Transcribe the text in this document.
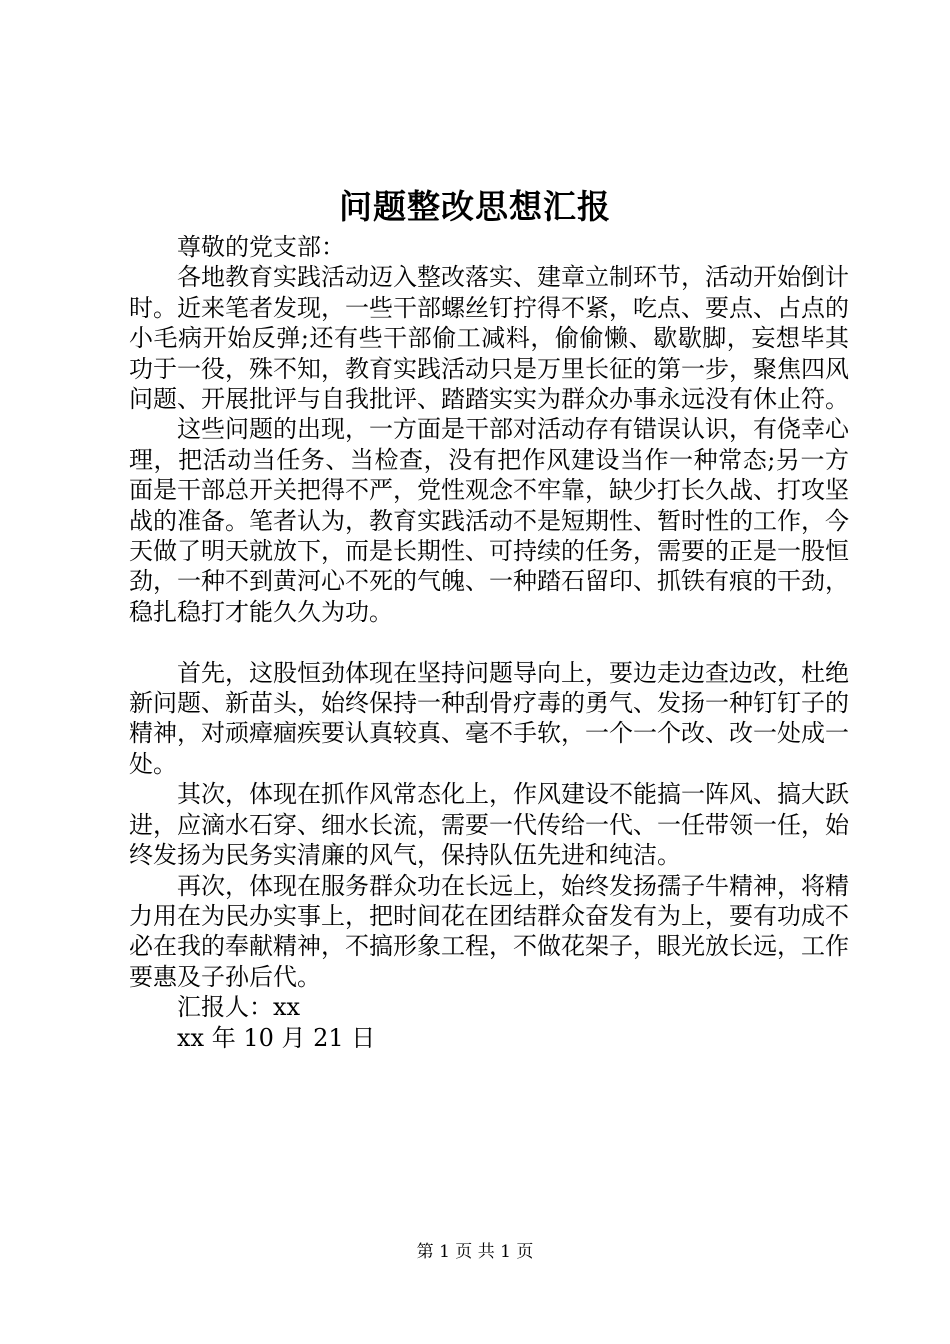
问题整改思想汇报

尊敬的党支部：

各地教育实践活动迈入整改落实、建章立制环节，活动开始倒计时。近来笔者发现，一些干部螺丝钉拧得不紧，吃点、要点、占点的小毛病开始反弹;还有些干部偷工减料，偷偷懒、歇歇脚，妄想毕其功于一役，殊不知，教育实践活动只是万里长征的第一步，聚焦四风问题、开展批评与自我批评、踏踏实实为群众办事永远没有休止符。

这些问题的出现，一方面是干部对活动存有错误认识，有侥幸心理，把活动当任务、当检查，没有把作风建设当作一种常态;另一方面是干部总开关把得不严，党性观念不牢靠，缺少打长久战、打攻坚战的准备。笔者认为，教育实践活动不是短期性、暂时性的工作，今天做了明天就放下，而是长期性、可持续的任务，需要的正是一股恒劲，一种不到黄河心不死的气魄、一种踏石留印、抓铁有痕的干劲，稳扎稳打才能久久为功。

首先，这股恒劲体现在坚持问题导向上，要边走边查边改，杜绝新问题、新苗头，始终保持一种刮骨疗毒的勇气、发扬一种钉钉子的精神，对顽瘴痼疾要认真较真、毫不手软，一个一个改、改一处成一处。

其次，体现在抓作风常态化上，作风建设不能搞一阵风、搞大跃进，应滴水石穿、细水长流，需要一代传给一代、一任带领一任，始终发扬为民务实清廉的风气，保持队伍先进和纯洁。

再次，体现在服务群众功在长远上，始终发扬孺子牛精神，将精力用在为民办实事上，把时间花在团结群众奋发有为上，要有功成不必在我的奉献精神，不搞形象工程，不做花架子，眼光放长远，工作要惠及子孙后代。

汇报人：xx

xx 年 10 月 21 日

第 1 页 共 1 页
